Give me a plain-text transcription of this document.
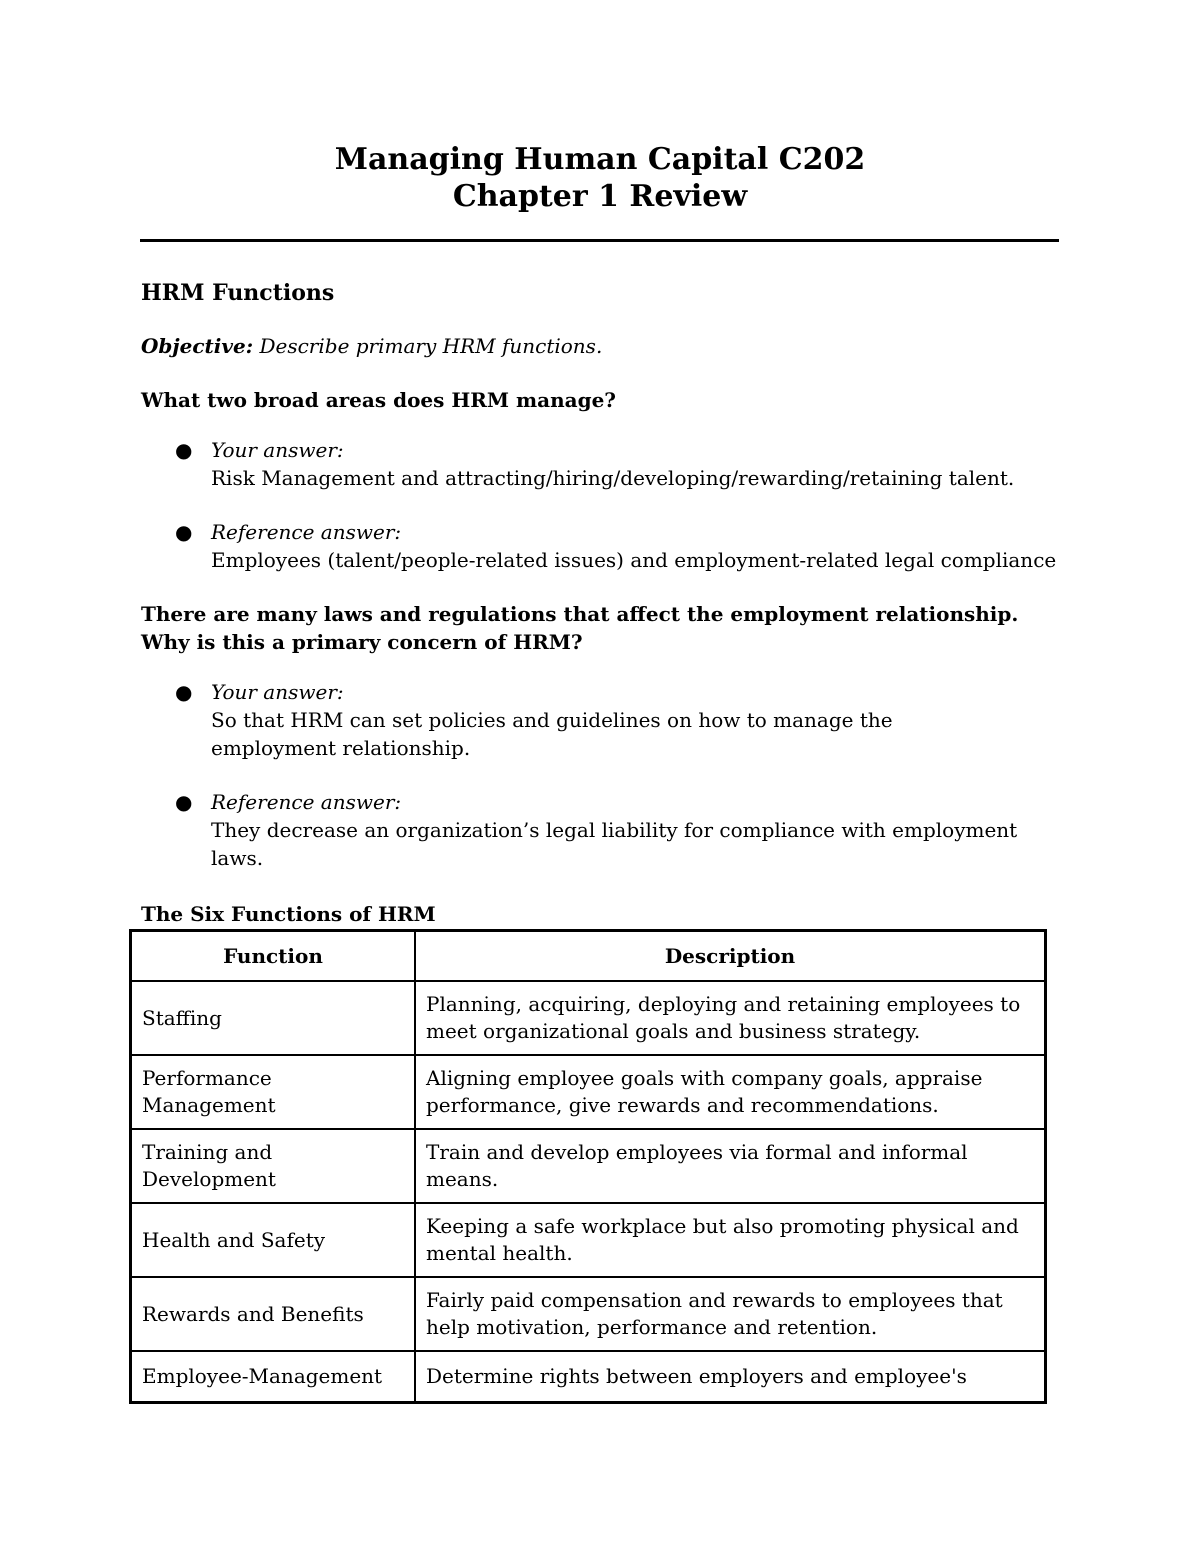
Managing Human Capital C202
Chapter 1 Review

HRM Functions

Objective: Describe primary HRM functions.

What two broad areas does HRM manage?

● Your answer:
Risk Management and attracting/hiring/developing/rewarding/retaining talent.
● Reference answer:
Employees (talent/people-related issues) and employment-related legal compliance

There are many laws and regulations that affect the employment relationship. Why is this a primary concern of HRM?

● Your answer:
So that HRM can set policies and guidelines on how to manage the employment relationship.
● Reference answer:
They decrease an organization’s legal liability for compliance with employment laws.

The Six Functions of HRM

Function	Description
Staffing	Planning, acquiring, deploying and retaining employees to meet organizational goals and business strategy.
Performance Management	Aligning employee goals with company goals, appraise performance, give rewards and recommendations.
Training and Development	Train and develop employees via formal and informal means.
Health and Safety	Keeping a safe workplace but also promoting physical and mental health.
Rewards and Benefits	Fairly paid compensation and rewards to employees that help motivation, performance and retention.
Employee-Management	Determine rights between employers and employee's
